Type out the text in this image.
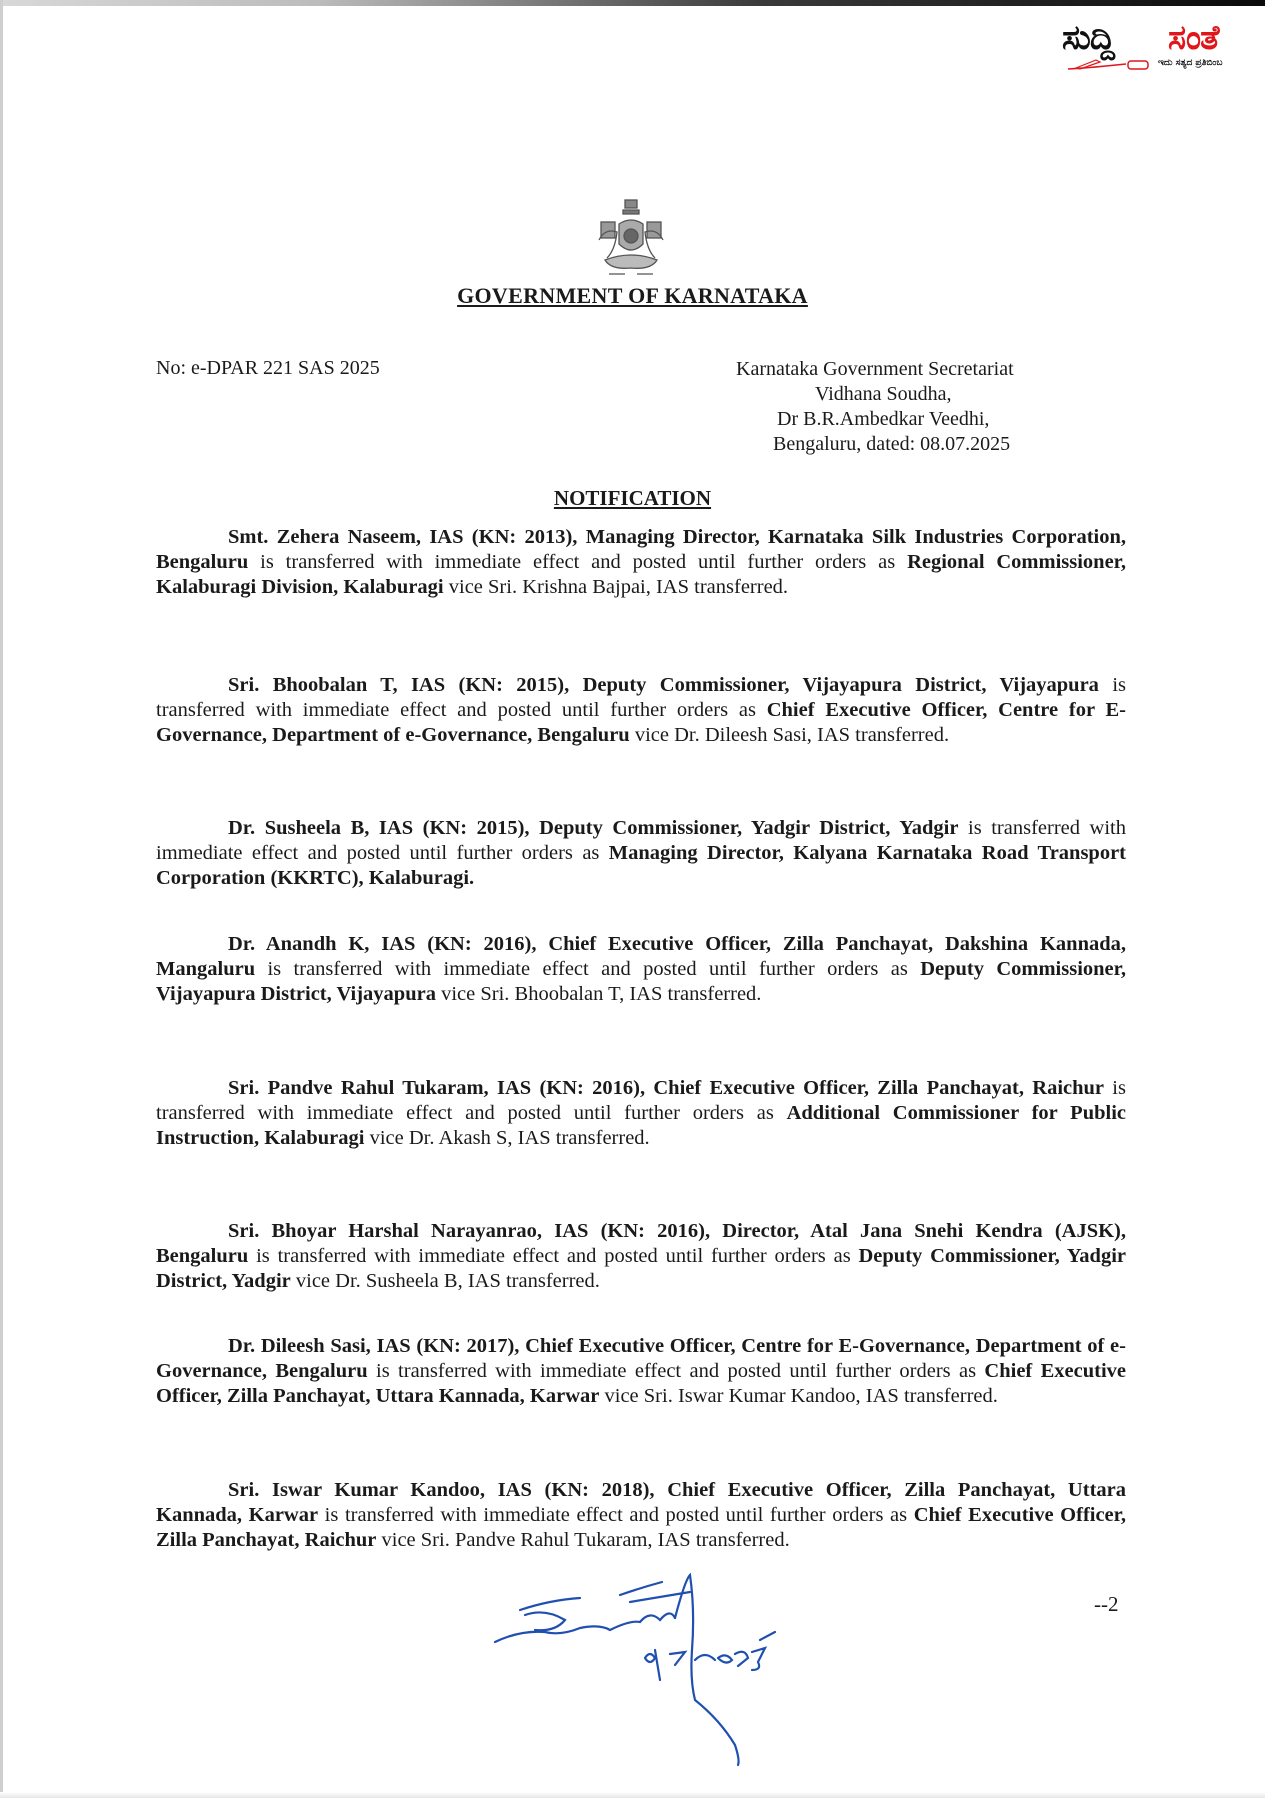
ಸುದ್ದಿ ಸಂತೆ
ಇದು ಸತ್ಯದ ಪ್ರತಿಬಿಂಬ
GOVERNMENT OF KARNATAKA
No: e-DPAR 221 SAS 2025	Karnataka Government Secretariat
Vidhana Soudha,
Dr B.R.Ambedkar Veedhi,
Bengaluru, dated: 08.07.2025
NOTIFICATION
Smt. Zehera Naseem, IAS (KN: 2013), Managing Director, Karnataka Silk Industries Corporation, Bengaluru is transferred with immediate effect and posted until further orders as Regional Commissioner, Kalaburagi Division, Kalaburagi vice Sri. Krishna Bajpai, IAS transferred.
Sri. Bhoobalan T, IAS (KN: 2015), Deputy Commissioner, Vijayapura District, Vijayapura is transferred with immediate effect and posted until further orders as Chief Executive Officer, Centre for E-Governance, Department of e-Governance, Bengaluru vice Dr. Dileesh Sasi, IAS transferred.
Dr. Susheela B, IAS (KN: 2015), Deputy Commissioner, Yadgir District, Yadgir is transferred with immediate effect and posted until further orders as Managing Director, Kalyana Karnataka Road Transport Corporation (KKRTC), Kalaburagi.
Dr. Anandh K, IAS (KN: 2016), Chief Executive Officer, Zilla Panchayat, Dakshina Kannada, Mangaluru is transferred with immediate effect and posted until further orders as Deputy Commissioner, Vijayapura District, Vijayapura vice Sri. Bhoobalan T, IAS transferred.
Sri. Pandve Rahul Tukaram, IAS (KN: 2016), Chief Executive Officer, Zilla Panchayat, Raichur is transferred with immediate effect and posted until further orders as Additional Commissioner for Public Instruction, Kalaburagi vice Dr. Akash S, IAS transferred.
Sri. Bhoyar Harshal Narayanrao, IAS (KN: 2016), Director, Atal Jana Snehi Kendra (AJSK), Bengaluru is transferred with immediate effect and posted until further orders as Deputy Commissioner, Yadgir District, Yadgir vice Dr. Susheela B, IAS transferred.
Dr. Dileesh Sasi, IAS (KN: 2017), Chief Executive Officer, Centre for E-Governance, Department of e-Governance, Bengaluru is transferred with immediate effect and posted until further orders as Chief Executive Officer, Zilla Panchayat, Uttara Kannada, Karwar vice Sri. Iswar Kumar Kandoo, IAS transferred.
Sri. Iswar Kumar Kandoo, IAS (KN: 2018), Chief Executive Officer, Zilla Panchayat, Uttara Kannada, Karwar is transferred with immediate effect and posted until further orders as Chief Executive Officer, Zilla Panchayat, Raichur vice Sri. Pandve Rahul Tukaram, IAS transferred.
--2
